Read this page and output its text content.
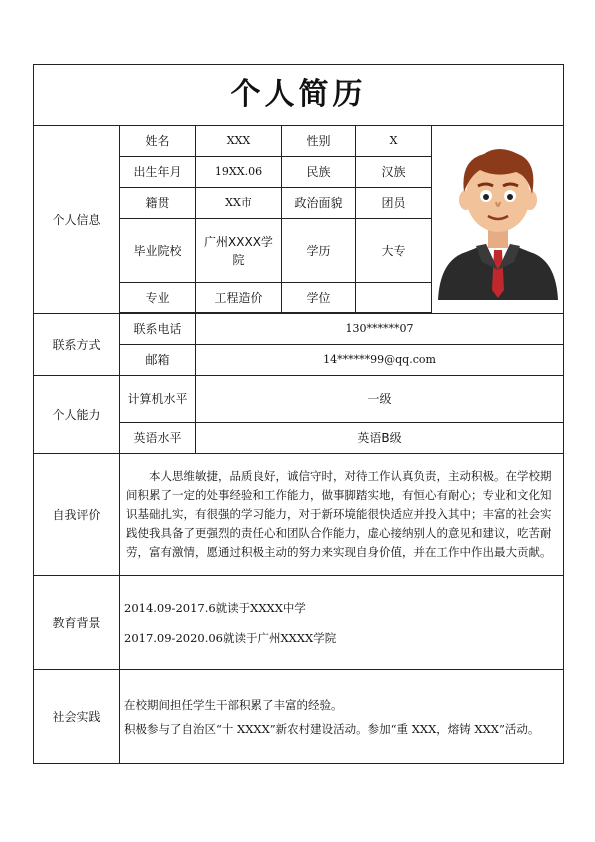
个人简历					
个人信息	姓名	XXX	性别	X	

	出生年月	19XX.06	民族	汉族	
	籍贯	XX市	政治面貌	团员	
	毕业院校	广州XXXX学院	学历	大专	
	专业	工程造价	学位		

联系方式	联系电话	130******07			
	邮箱	14******99@qq.com			
个人能力	计算机水平	一级			
	英语水平	英语B级			
自我评价	本人思维敏捷，品质良好，诚信守时，对待工作认真负责，主动积极。在学校期间积累了一定的处事经验和工作能力，做事脚踏实地，有恒心有耐心；专业和文化知识基础扎实，有很强的学习能力，对于新环境能很快适应并投入其中；丰富的社会实践使我具备了更强烈的责任心和团队合作能力，虚心接纳别人的意见和建议，吃苦耐劳，富有激情，愿通过积极主动的努力来实现自身价值，并在工作中作出最大贡献。				
教育背景	2014.09-2017.6就读于XXXX中学

2017.09-2020.06就读于广州XXXX学院				

社会实践	在校期间担任学生干部积累了丰富的经验。

积极参与了自治区“十 XXXX”新农村建设活动。参加“重 XXX，熔铸 XXX”活动。				
